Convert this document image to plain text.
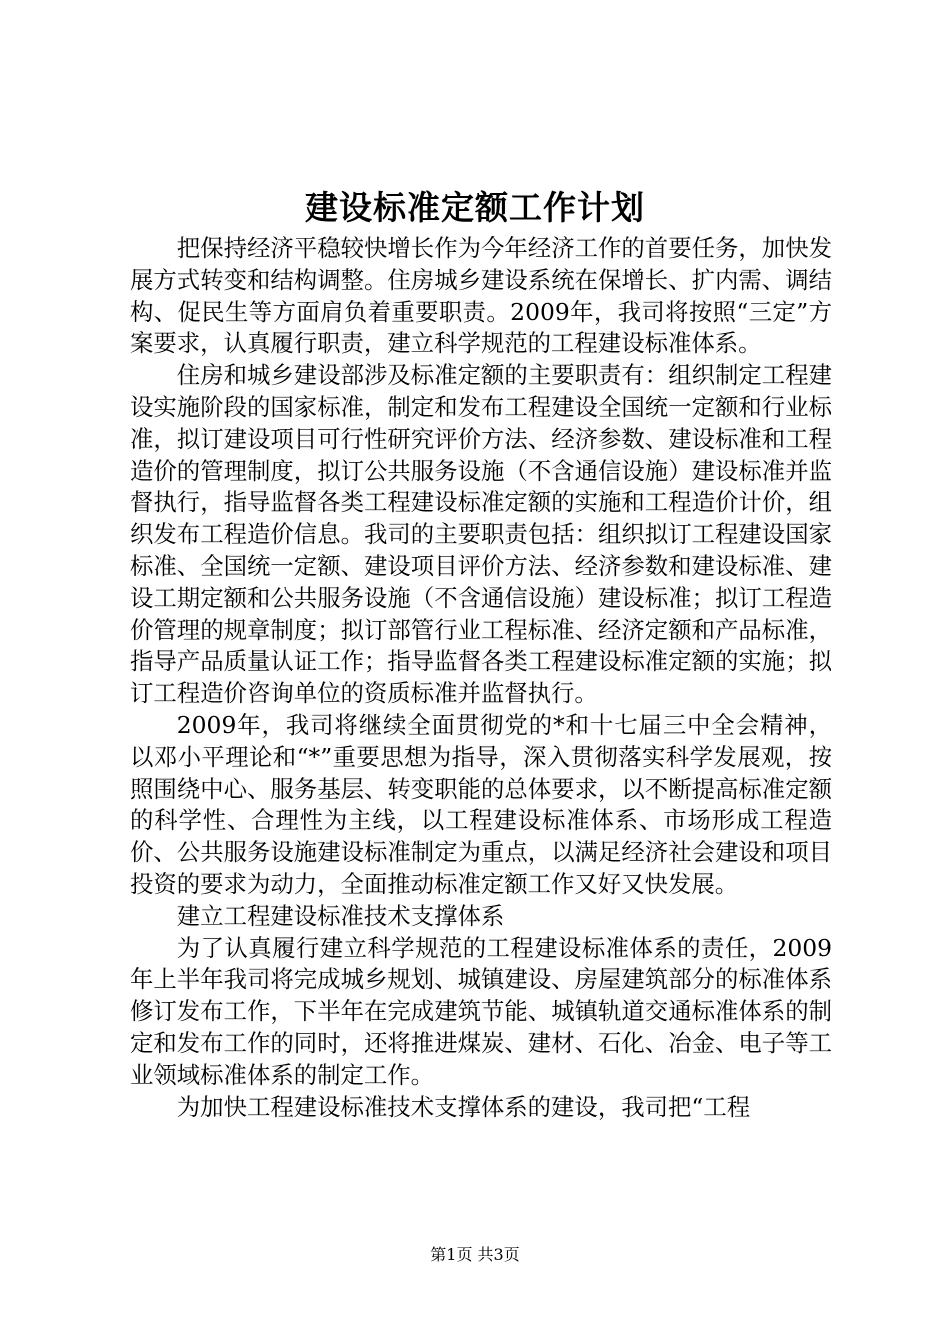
建设标准定额工作计划

把保持经济平稳较快增长作为今年经济工作的首要任务，加快发展方式转变和结构调整。住房城乡建设系统在保增长、扩内需、调结构、促民生等方面肩负着重要职责。2009年，我司将按照“三定”方案要求，认真履行职责，建立科学规范的工程建设标准体系。

住房和城乡建设部涉及标准定额的主要职责有：组织制定工程建设实施阶段的国家标准，制定和发布工程建设全国统一定额和行业标准，拟订建设项目可行性研究评价方法、经济参数、建设标准和工程造价的管理制度，拟订公共服务设施（不含通信设施）建设标准并监督执行，指导监督各类工程建设标准定额的实施和工程造价计价，组织发布工程造价信息。我司的主要职责包括：组织拟订工程建设国家标准、全国统一定额、建设项目评价方法、经济参数和建设标准、建设工期定额和公共服务设施（不含通信设施）建设标准；拟订工程造价管理的规章制度；拟订部管行业工程标准、经济定额和产品标准，指导产品质量认证工作；指导监督各类工程建设标准定额的实施；拟订工程造价咨询单位的资质标准并监督执行。

2009年，我司将继续全面贯彻党的*和十七届三中全会精神，以邓小平理论和“*”重要思想为指导，深入贯彻落实科学发展观，按照围绕中心、服务基层、转变职能的总体要求，以不断提高标准定额的科学性、合理性为主线，以工程建设标准体系、市场形成工程造价、公共服务设施建设标准制定为重点，以满足经济社会建设和项目投资的要求为动力，全面推动标准定额工作又好又快发展。

建立工程建设标准技术支撑体系

为了认真履行建立科学规范的工程建设标准体系的责任，2009年上半年我司将完成城乡规划、城镇建设、房屋建筑部分的标准体系修订发布工作，下半年在完成建筑节能、城镇轨道交通标准体系的制定和发布工作的同时，还将推进煤炭、建材、石化、冶金、电子等工业领域标准体系的制定工作。

为加快工程建设标准技术支撑体系的建设，我司把“工程

第1页 共3页
